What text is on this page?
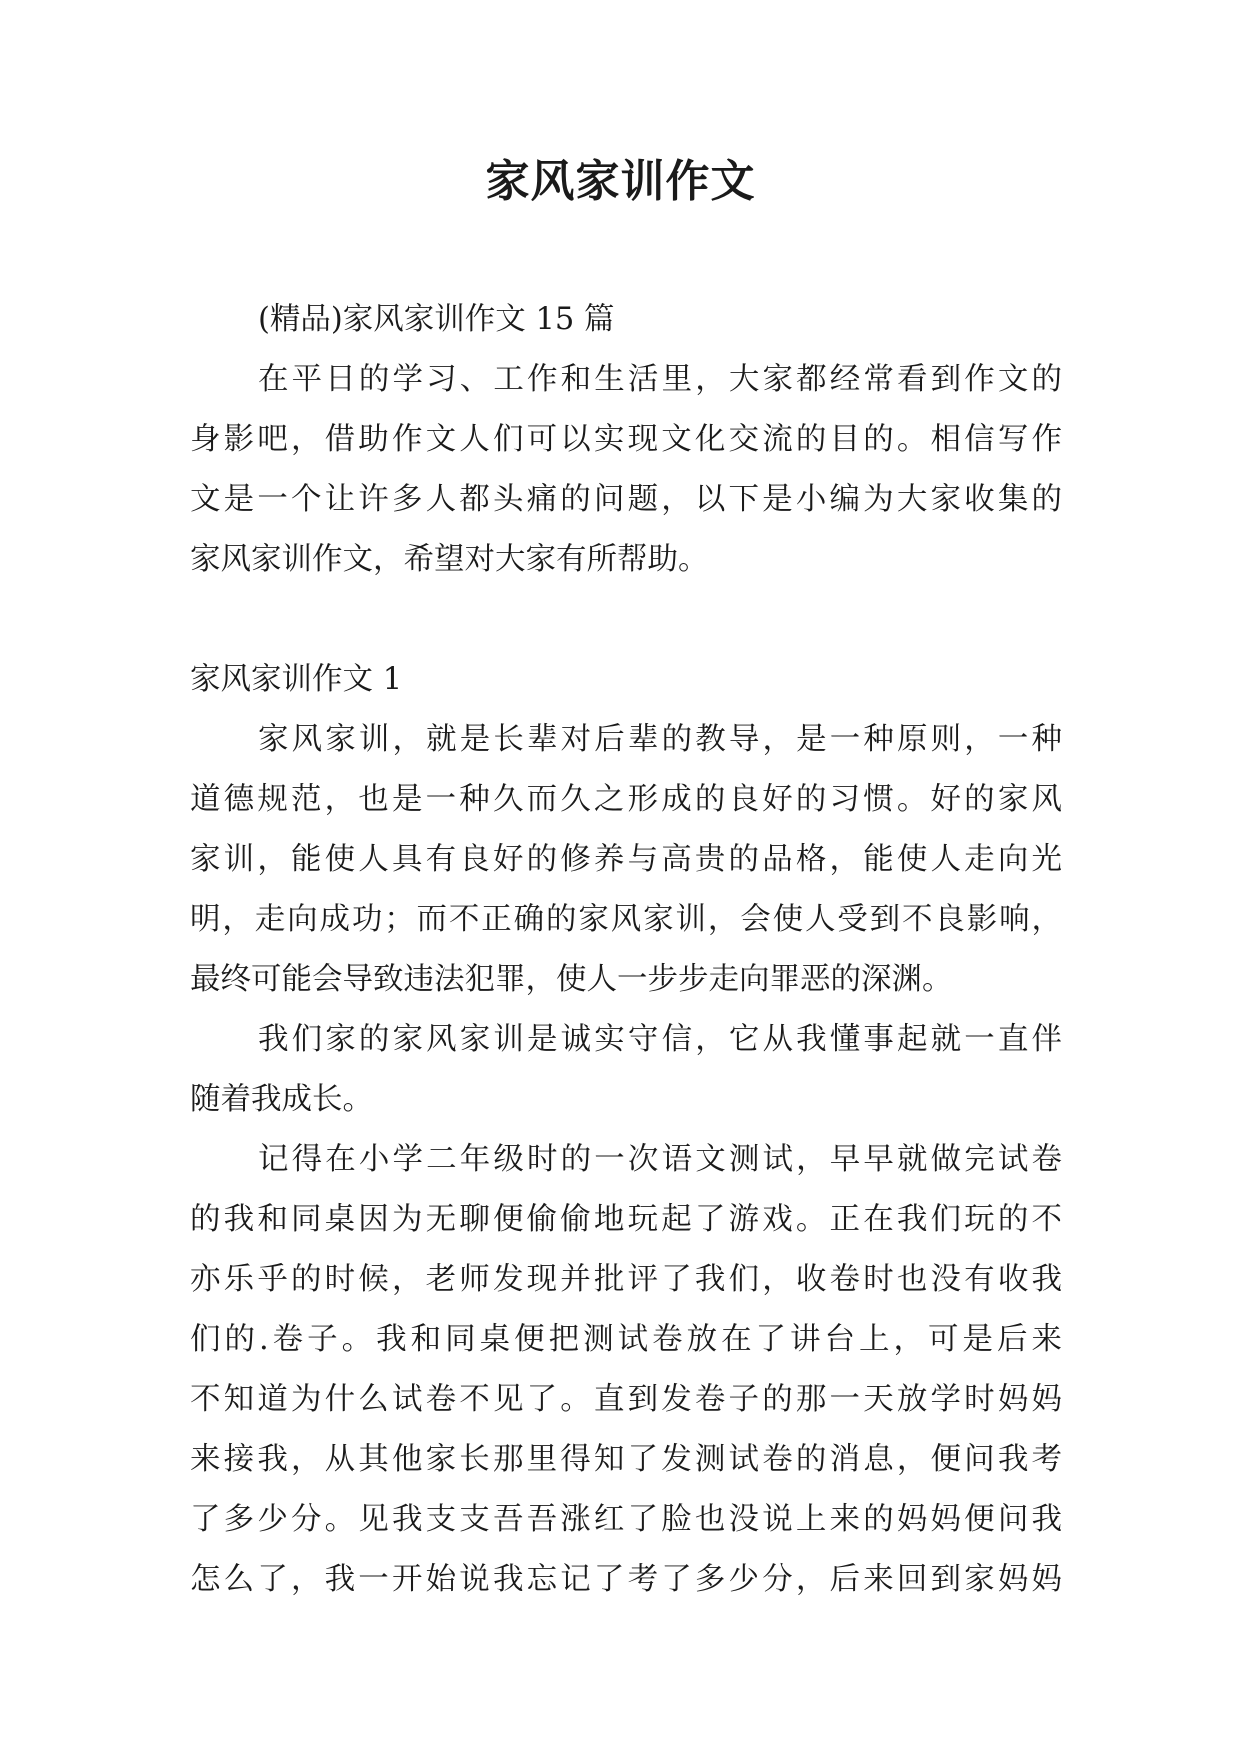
家风家训作文

(精品)家风家训作文 15 篇

在平日的学习、工作和生活里，大家都经常看到作文的

身影吧，借助作文人们可以实现文化交流的目的。相信写作

文是一个让许多人都头痛的问题，以下是小编为大家收集的

家风家训作文，希望对大家有所帮助。

家风家训作文 1

家风家训，就是长辈对后辈的教导，是一种原则，一种

道德规范，也是一种久而久之形成的良好的习惯。好的家风

家训，能使人具有良好的修养与高贵的品格，能使人走向光

明，走向成功；而不正确的家风家训，会使人受到不良影响，

最终可能会导致违法犯罪，使人一步步走向罪恶的深渊。

我们家的家风家训是诚实守信，它从我懂事起就一直伴

随着我成长。

记得在小学二年级时的一次语文测试，早早就做完试卷

的我和同桌因为无聊便偷偷地玩起了游戏。正在我们玩的不

亦乐乎的时候，老师发现并批评了我们，收卷时也没有收我

们的.卷子。我和同桌便把测试卷放在了讲台上，可是后来

不知道为什么试卷不见了。直到发卷子的那一天放学时妈妈

来接我，从其他家长那里得知了发测试卷的消息，便问我考

了多少分。见我支支吾吾涨红了脸也没说上来的妈妈便问我

怎么了，我一开始说我忘记了考了多少分，后来回到家妈妈
